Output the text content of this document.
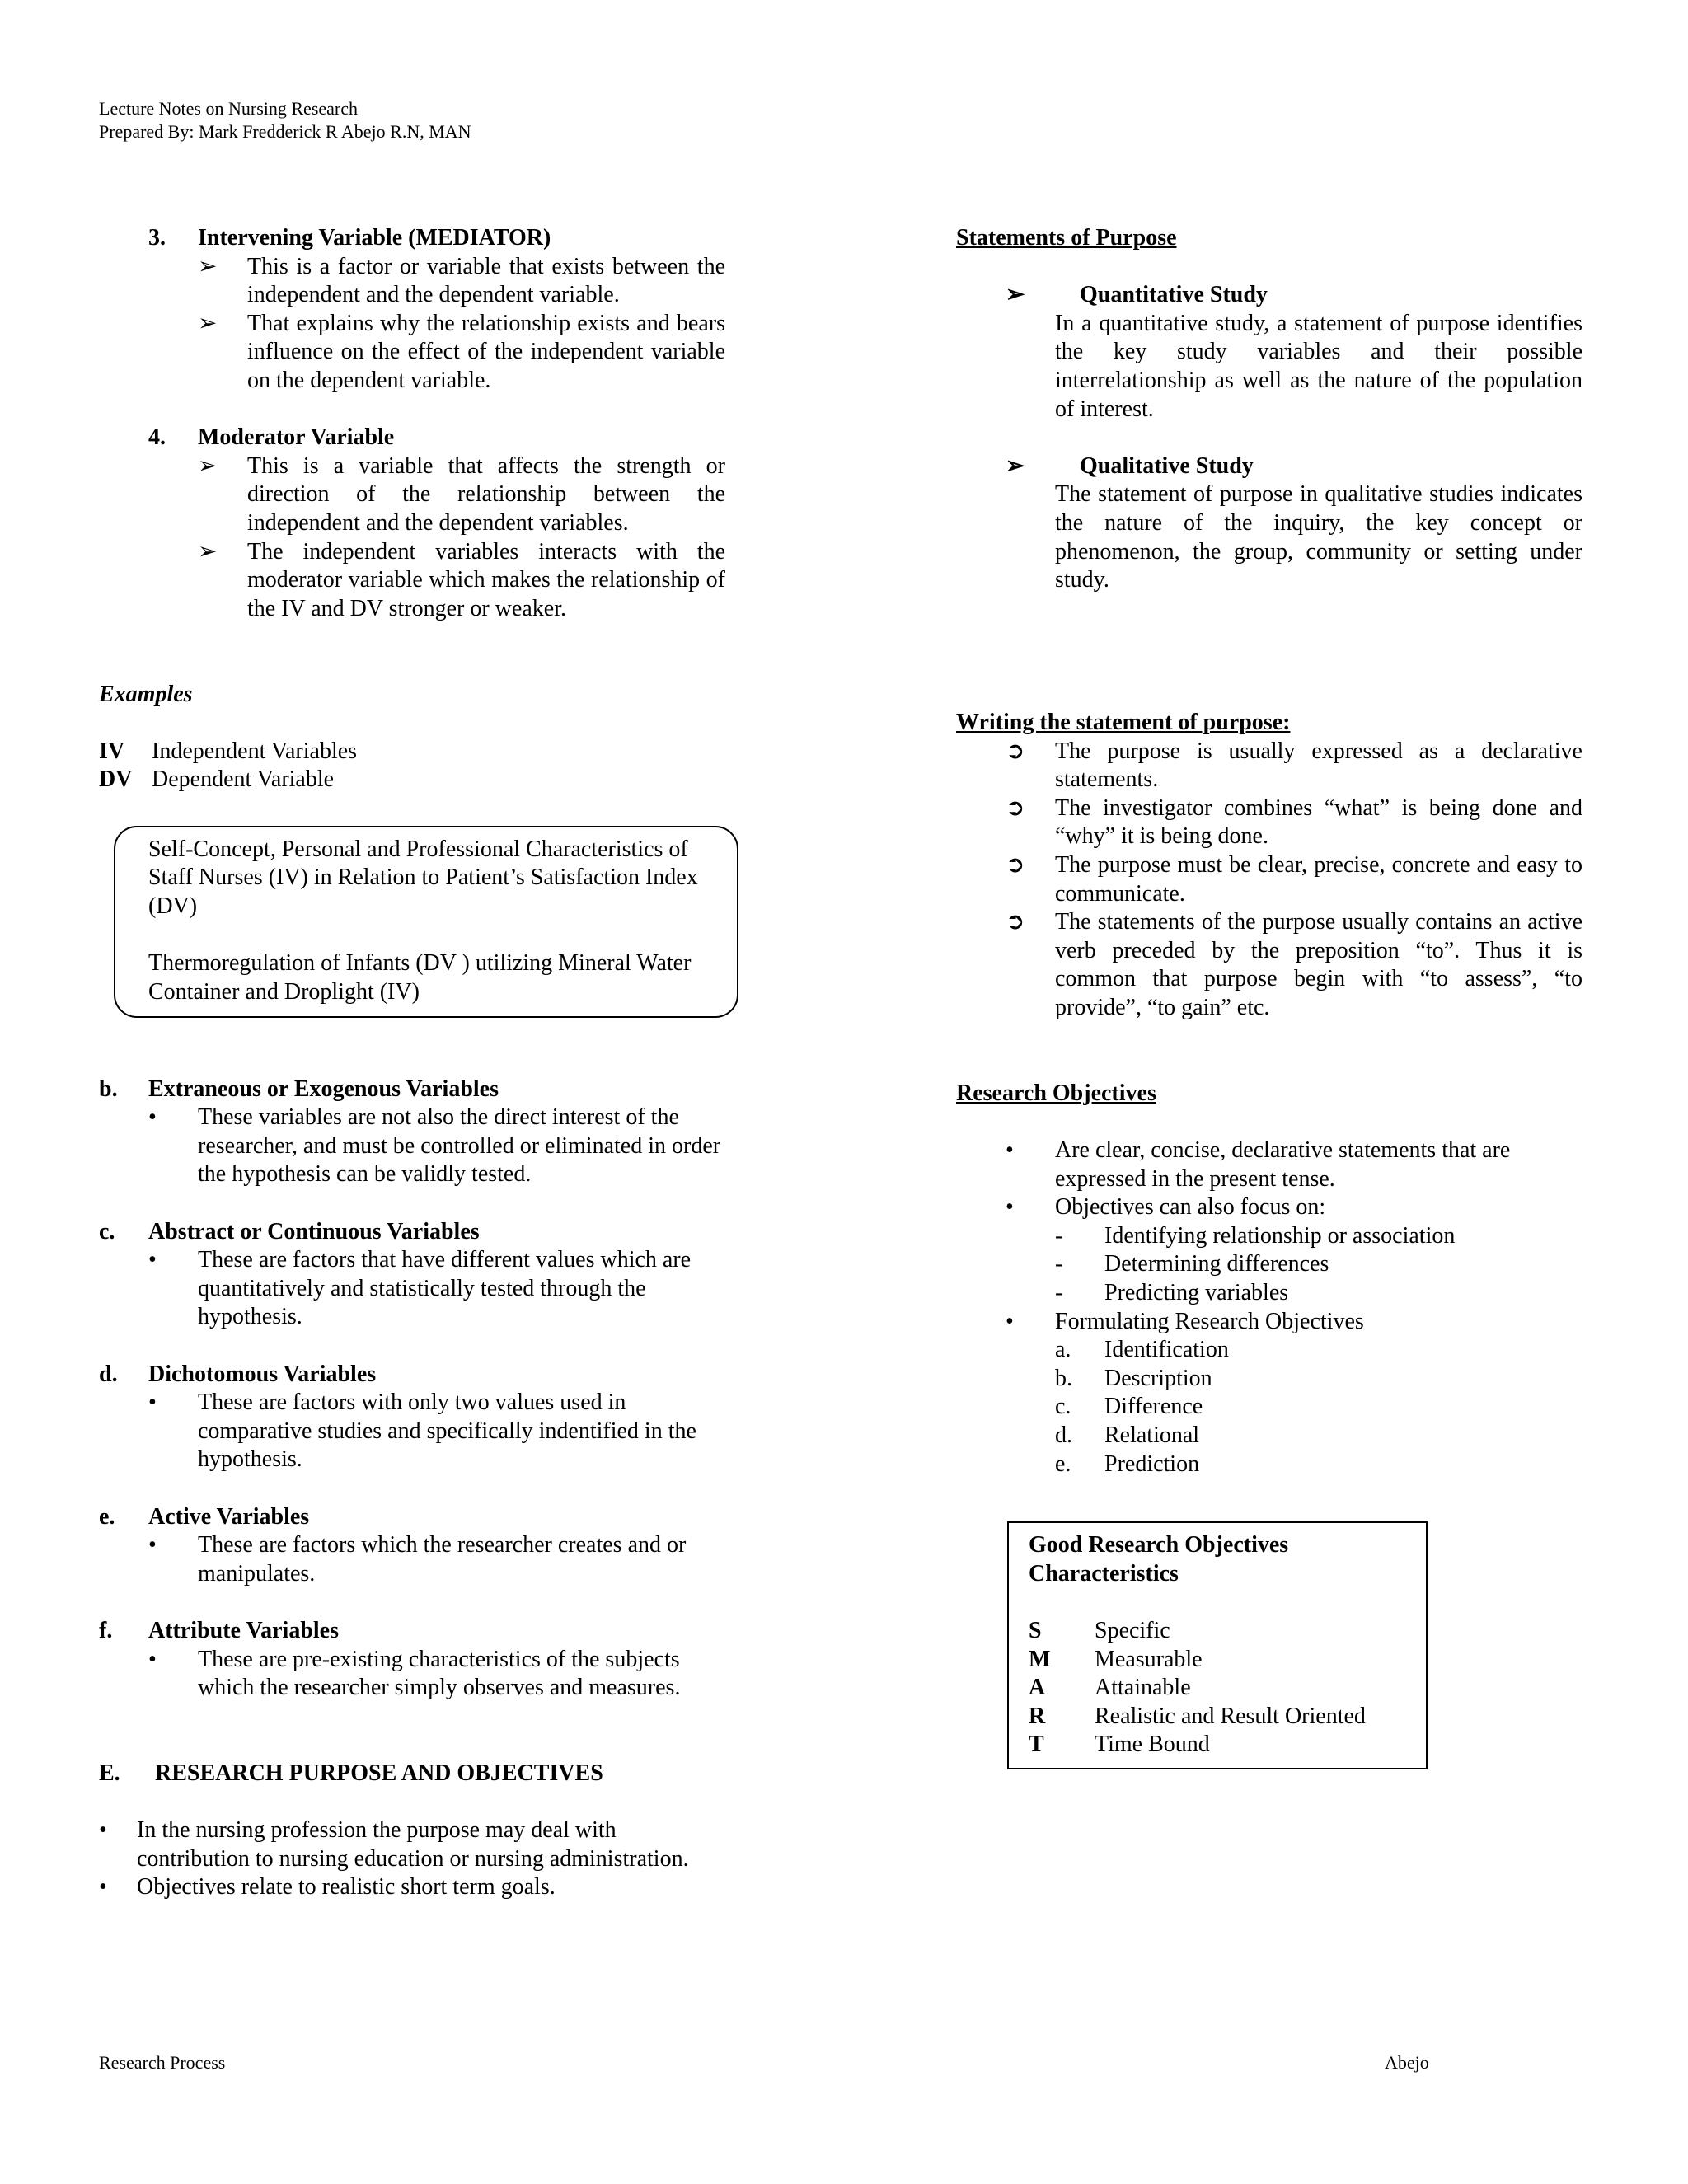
Lecture Notes on Nursing Research
Prepared By: Mark Fredderick R Abejo R.N, MAN
3.	Intervening Variable (MEDIATOR)
➢	This is a factor or variable that exists between the independent and the dependent variable.
➢	That explains why the relationship exists and bears influence on the effect of the independent variable on the dependent variable.
4.	Moderator Variable
➢	This is a variable that affects the strength or direction of the relationship between the independent and the dependent variables.
➢	The independent variables interacts with the moderator variable which makes the relationship of the IV and DV stronger or weaker.
Examples
IV	Independent Variables
DV Dependent Variable
Self-Concept, Personal and Professional Characteristics of Staff Nurses (IV) in Relation to Patient’s Satisfaction Index (DV)
Thermoregulation of Infants (DV ) utilizing Mineral Water Container and Droplight (IV)
b.	Extraneous or Exogenous Variables
•	These variables are not also the direct interest of the researcher, and must be controlled or eliminated in order the hypothesis can be validly tested.
c.	Abstract or Continuous Variables
•	These are factors that have different values which are quantitatively and statistically tested through the hypothesis.
d.	Dichotomous Variables
•	These are factors with only two values used in comparative studies and specifically indentified in the hypothesis.
e.	Active Variables
•	These are factors which the researcher creates and or manipulates.
f.	Attribute Variables
•	These are pre-existing characteristics of the subjects which the researcher simply observes and measures.
E.	RESEARCH PURPOSE AND OBJECTIVES
•	In the nursing profession the purpose may deal with contribution to nursing education or nursing administration.
•	Objectives relate to realistic short term goals.
Statements of Purpose
➢	Quantitative Study
In a quantitative study, a statement of purpose identifies the key study variables and their possible interrelationship as well as the nature of the population of interest.
➢	Qualitative Study
The statement of purpose in qualitative studies indicates the nature of the inquiry, the key concept or phenomenon, the group, community or setting under study.
Writing the statement of purpose:
➲	The purpose is usually expressed as a declarative statements.
➲	The investigator combines “what” is being done and “why” it is being done.
➲	The purpose must be clear, precise, concrete and easy to communicate.
➲	The statements of the purpose usually contains an active verb preceded by the preposition “to”. Thus it is common that purpose begin with “to assess”, “to provide”, “to gain” etc.
Research Objectives
•	Are clear, concise, declarative statements that are expressed in the present tense.
•	Objectives can also focus on:
-	Identifying relationship or association
-	Determining differences
-	Predicting variables
•	Formulating Research Objectives
a.	Identification
b.	Description
c.	Difference
d.	Relational
e.	Prediction
Good Research Objectives Characteristics
S	Specific
M	Measurable
A	Attainable
R	Realistic and Result Oriented
T	Time Bound
Research Process	Abejo
